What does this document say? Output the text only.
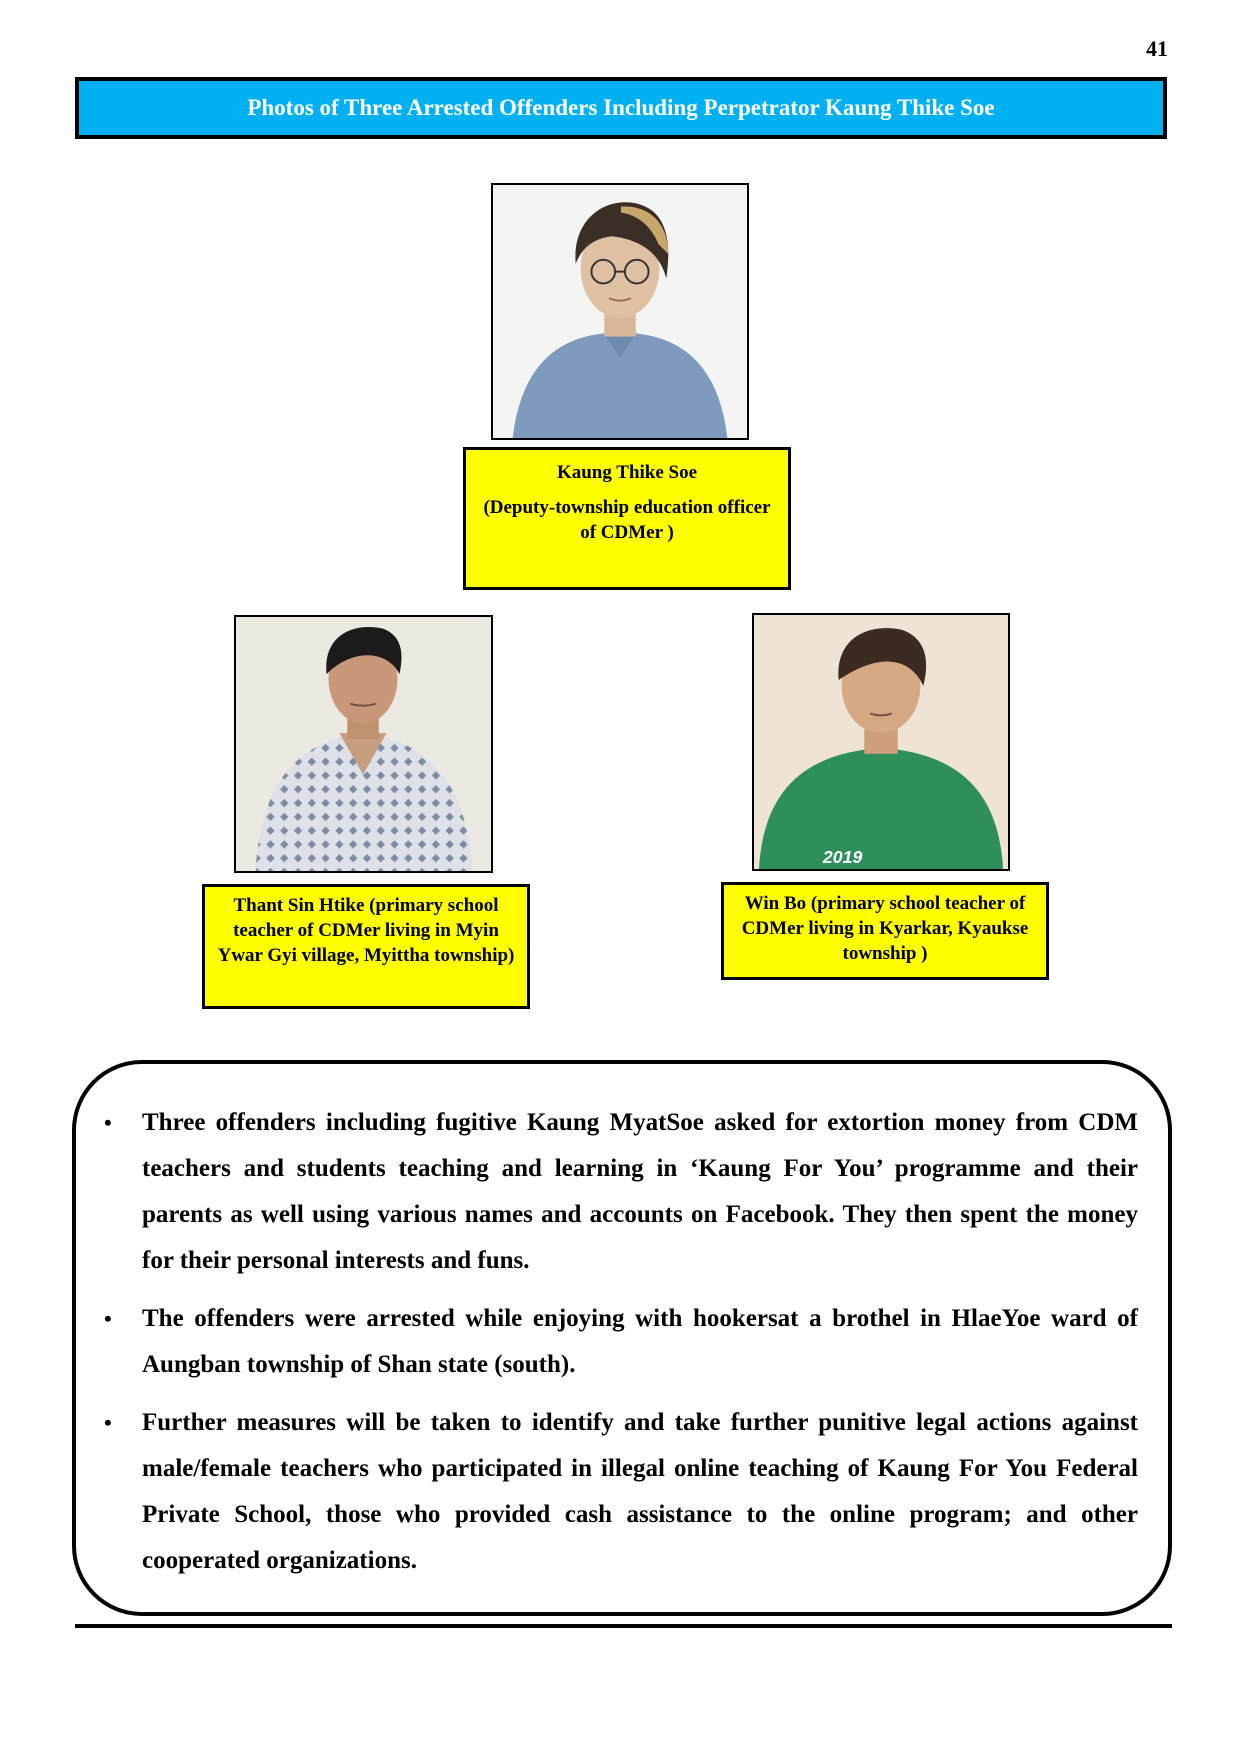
41
Photos of Three Arrested Offenders Including Perpetrator Kaung Thike Soe

Kaung Thike Soe

(Deputy-township education officer of CDMer )

Thant Sin Htike (primary school teacher of CDMer living in Myin Ywar Gyi village, Myittha township)

2019

Win Bo (primary school teacher of CDMer living in Kyarkar, Kyaukse township )

• Three offenders including fugitive Kaung MyatSoe asked for extortion money from CDM teachers and students teaching and learning in ‘Kaung For You’ programme and their parents as well using various names and accounts on Facebook. They then spent the money for their personal interests and funs.
• The offenders were arrested while enjoying with hookersat a brothel in HlaeYoe ward of Aungban township of Shan state (south).
• Further measures will be taken to identify and take further punitive legal actions against male/female teachers who participated in illegal online teaching of Kaung For You Federal Private School, those who provided cash assistance to the online program; and other cooperated organizations.
